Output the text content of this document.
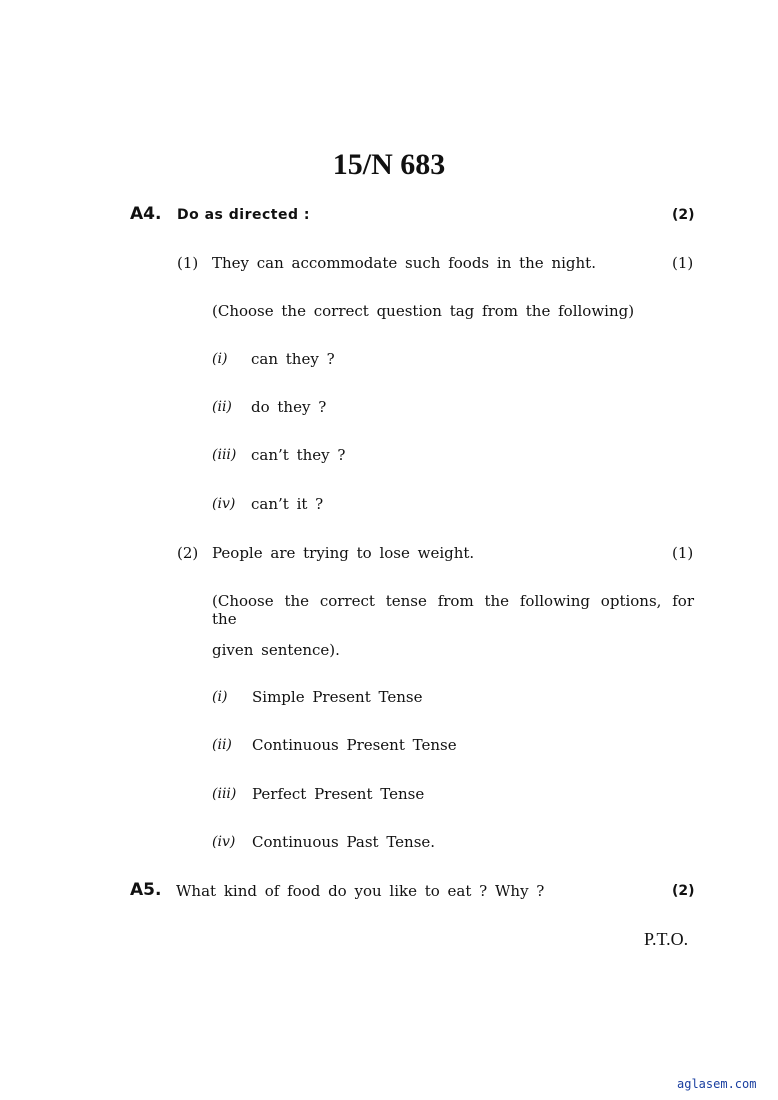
15/N 683
A4. Do as directed :	(2)
(1) They can accommodate such foods in the night.	(1)
(Choose the correct question tag from the following)
(i) can they ?
(ii) do they ?
(iii) can’t they ?
(iv) can’t it ?
(2) People are trying to lose weight.	(1)
(Choose the correct tense from the following options, for the
given sentence).
(i) Simple Present Tense
(ii) Continuous Present Tense
(iii) Perfect Present Tense
(iv) Continuous Past Tense.
A5. What kind of food do you like to eat ? Why ?	(2)
P.T.O.
aglasem.com
